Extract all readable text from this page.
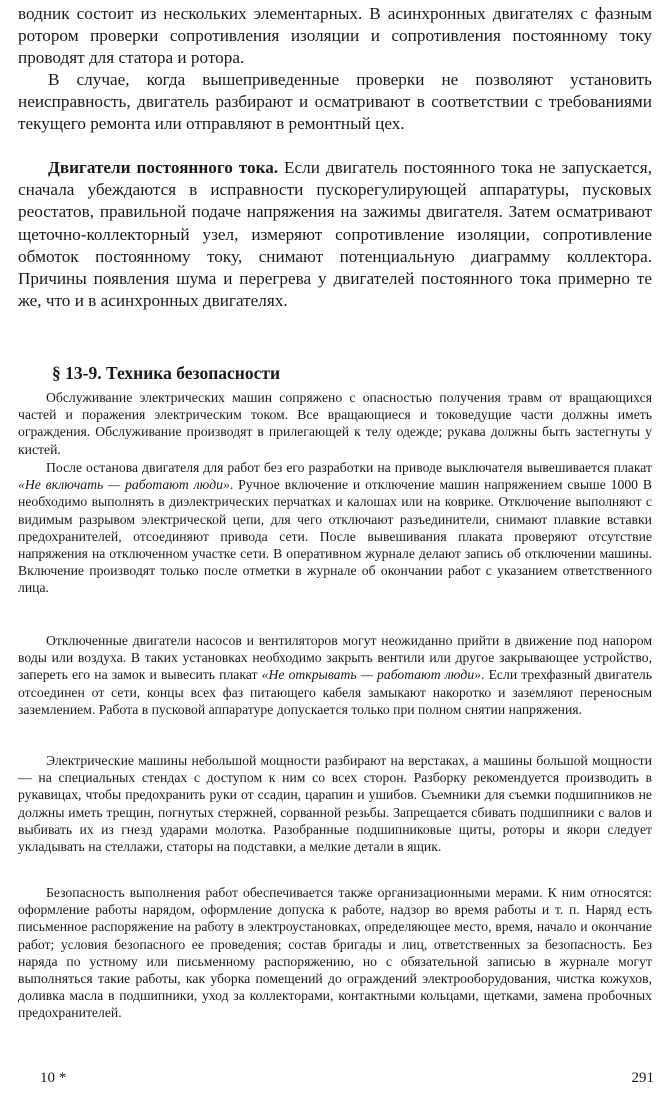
водник состоит из нескольких элементарных. В асинхронных двигателях с фазным ротором проверки сопротивления изоляции и сопротивления постоянному току проводят для статора и ротора.

В случае, когда вышеприведенные проверки не позволяют установить неисправность, двигатель разбирают и осматривают в соответствии с требованиями текущего ремонта или отправляют в ремонтный цех.

Двигатели постоянного тока. Если двигатель постоянного тока не запускается, сначала убеждаются в исправности пускорегулирующей аппаратуры, пусковых реостатов, правильной подаче напряжения на зажимы двигателя. Затем осматривают щеточно-коллекторный узел, измеряют сопротивление изоляции, сопротивление обмоток постоянному току, снимают потенциальную диаграмму коллектора. Причины появления шума и перегрева у двигателей постоянного тока примерно те же, что и в асинхронных двигателях.

§ 13-9. Техника безопасности

Обслуживание электрических машин сопряжено с опасностью получения травм от вращающихся частей и поражения электрическим током. Все вращающиеся и токоведущие части должны иметь ограждения. Обслуживание производят в прилегающей к телу одежде; рукава должны быть застегнуты у кистей.

После останова двигателя для работ без его разработки на приводе выключателя вывешивается плакат «Не включать — работают люди». Ручное включение и отключение машин напряжением свыше 1000 В необходимо выполнять в диэлектрических перчатках и калошах или на коврике. Отключение выполняют с видимым разрывом электрической цепи, для чего отключают разъединители, снимают плавкие вставки предохранителей, отсоединяют привода сети. После вывешивания плаката проверяют отсутствие напряжения на отключенном участке сети. В оперативном журнале делают запись об отключении машины. Включение производят только после отметки в журнале об окончании работ с указанием ответственного лица.

Отключенные двигатели насосов и вентиляторов могут неожиданно прийти в движение под напором воды или воздуха. В таких установках необходимо закрыть вентили или другое закрывающее устройство, запереть его на замок и вывесить плакат «Не открывать — работают люди». Если трехфазный двигатель отсоединен от сети, концы всех фаз питающего кабеля замыкают накоротко и заземляют переносным заземлением. Работа в пусковой аппаратуре допускается только при полном снятии напряжения.

Электрические машины небольшой мощности разбирают на верстаках, а машины большой мощности — на специальных стендах с доступом к ним со всех сторон. Разборку рекомендуется производить в рукавицах, чтобы предохранить руки от ссадин, царапин и ушибов. Съемники для съемки подшипников не должны иметь трещин, погнутых стержней, сорванной резьбы. Запрещается сбивать подшипники с валов и выбивать их из гнезд ударами молотка. Разобранные подшипниковые щиты, роторы и якори следует укладывать на стеллажи, статоры на подставки, а мелкие детали в ящик.

Безопасность выполнения работ обеспечивается также организационными мерами. К ним относятся: оформление работы нарядом, оформление допуска к работе, надзор во время работы и т. п. Наряд есть письменное распоряжение на работу в электроустановках, определяющее место, время, начало и окончание работ; условия безопасного ее проведения; состав бригады и лиц, ответственных за безопасность. Без наряда по устному или письменному распоряжению, но с обязательной записью в журнале могут выполняться такие работы, как уборка помещений до ограждений электрооборудования, чистка кожухов, доливка масла в подшипники, уход за коллекторами, контактными кольцами, щетками, замена пробочных предохранителей.

10 *	291
